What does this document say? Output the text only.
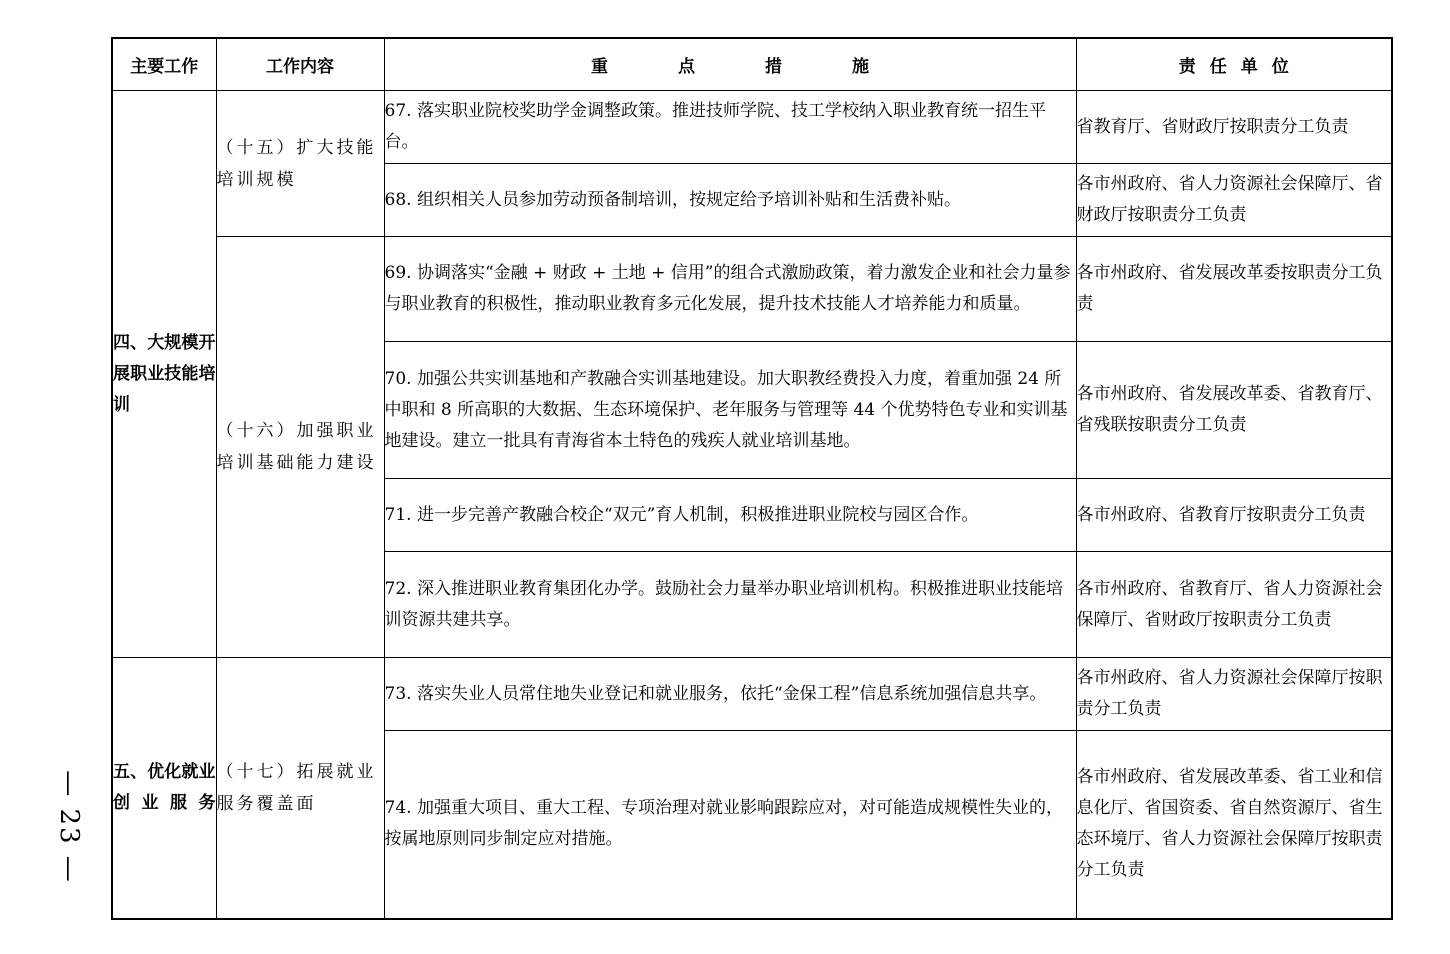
— 23 —
主要工作	工作内容	重点措施	责任单位
四、大规模开展职业技能培训	（十五）扩大技能培训规模	67. 落实职业院校奖助学金调整政策。推进技师学院、技工学校纳入职业教育统一招生平台。	省教育厅、省财政厅按职责分工负责
		68. 组织相关人员参加劳动预备制培训，按规定给予培训补贴和生活费补贴。	各市州政府、省人力资源社会保障厅、省财政厅按职责分工负责
	（十六）加强职业培训基础能力建设	69. 协调落实“金融 + 财政 + 土地 + 信用”的组合式激励政策，着力激发企业和社会力量参与职业教育的积极性，推动职业教育多元化发展，提升技术技能人才培养能力和质量。	各市州政府、省发展改革委按职责分工负责
		70. 加强公共实训基地和产教融合实训基地建设。加大职教经费投入力度，着重加强 24 所中职和 8 所高职的大数据、生态环境保护、老年服务与管理等 44 个优势特色专业和实训基地建设。建立一批具有青海省本土特色的残疾人就业培训基地。	各市州政府、省发展改革委、省教育厅、省残联按职责分工负责
		71. 进一步完善产教融合校企“双元”育人机制，积极推进职业院校与园区合作。	各市州政府、省教育厅按职责分工负责
		72. 深入推进职业教育集团化办学。鼓励社会力量举办职业培训机构。积极推进职业技能培训资源共建共享。	各市州政府、省教育厅、省人力资源社会保障厅、省财政厅按职责分工负责
五、优化就业创业服务	（十七）拓展就业服务覆盖面	73. 落实失业人员常住地失业登记和就业服务，依托“金保工程”信息系统加强信息共享。	各市州政府、省人力资源社会保障厅按职责分工负责
		74. 加强重大项目、重大工程、专项治理对就业影响跟踪应对，对可能造成规模性失业的，按属地原则同步制定应对措施。	各市州政府、省发展改革委、省工业和信息化厅、省国资委、省自然资源厅、省生态环境厅、省人力资源社会保障厅按职责分工负责
